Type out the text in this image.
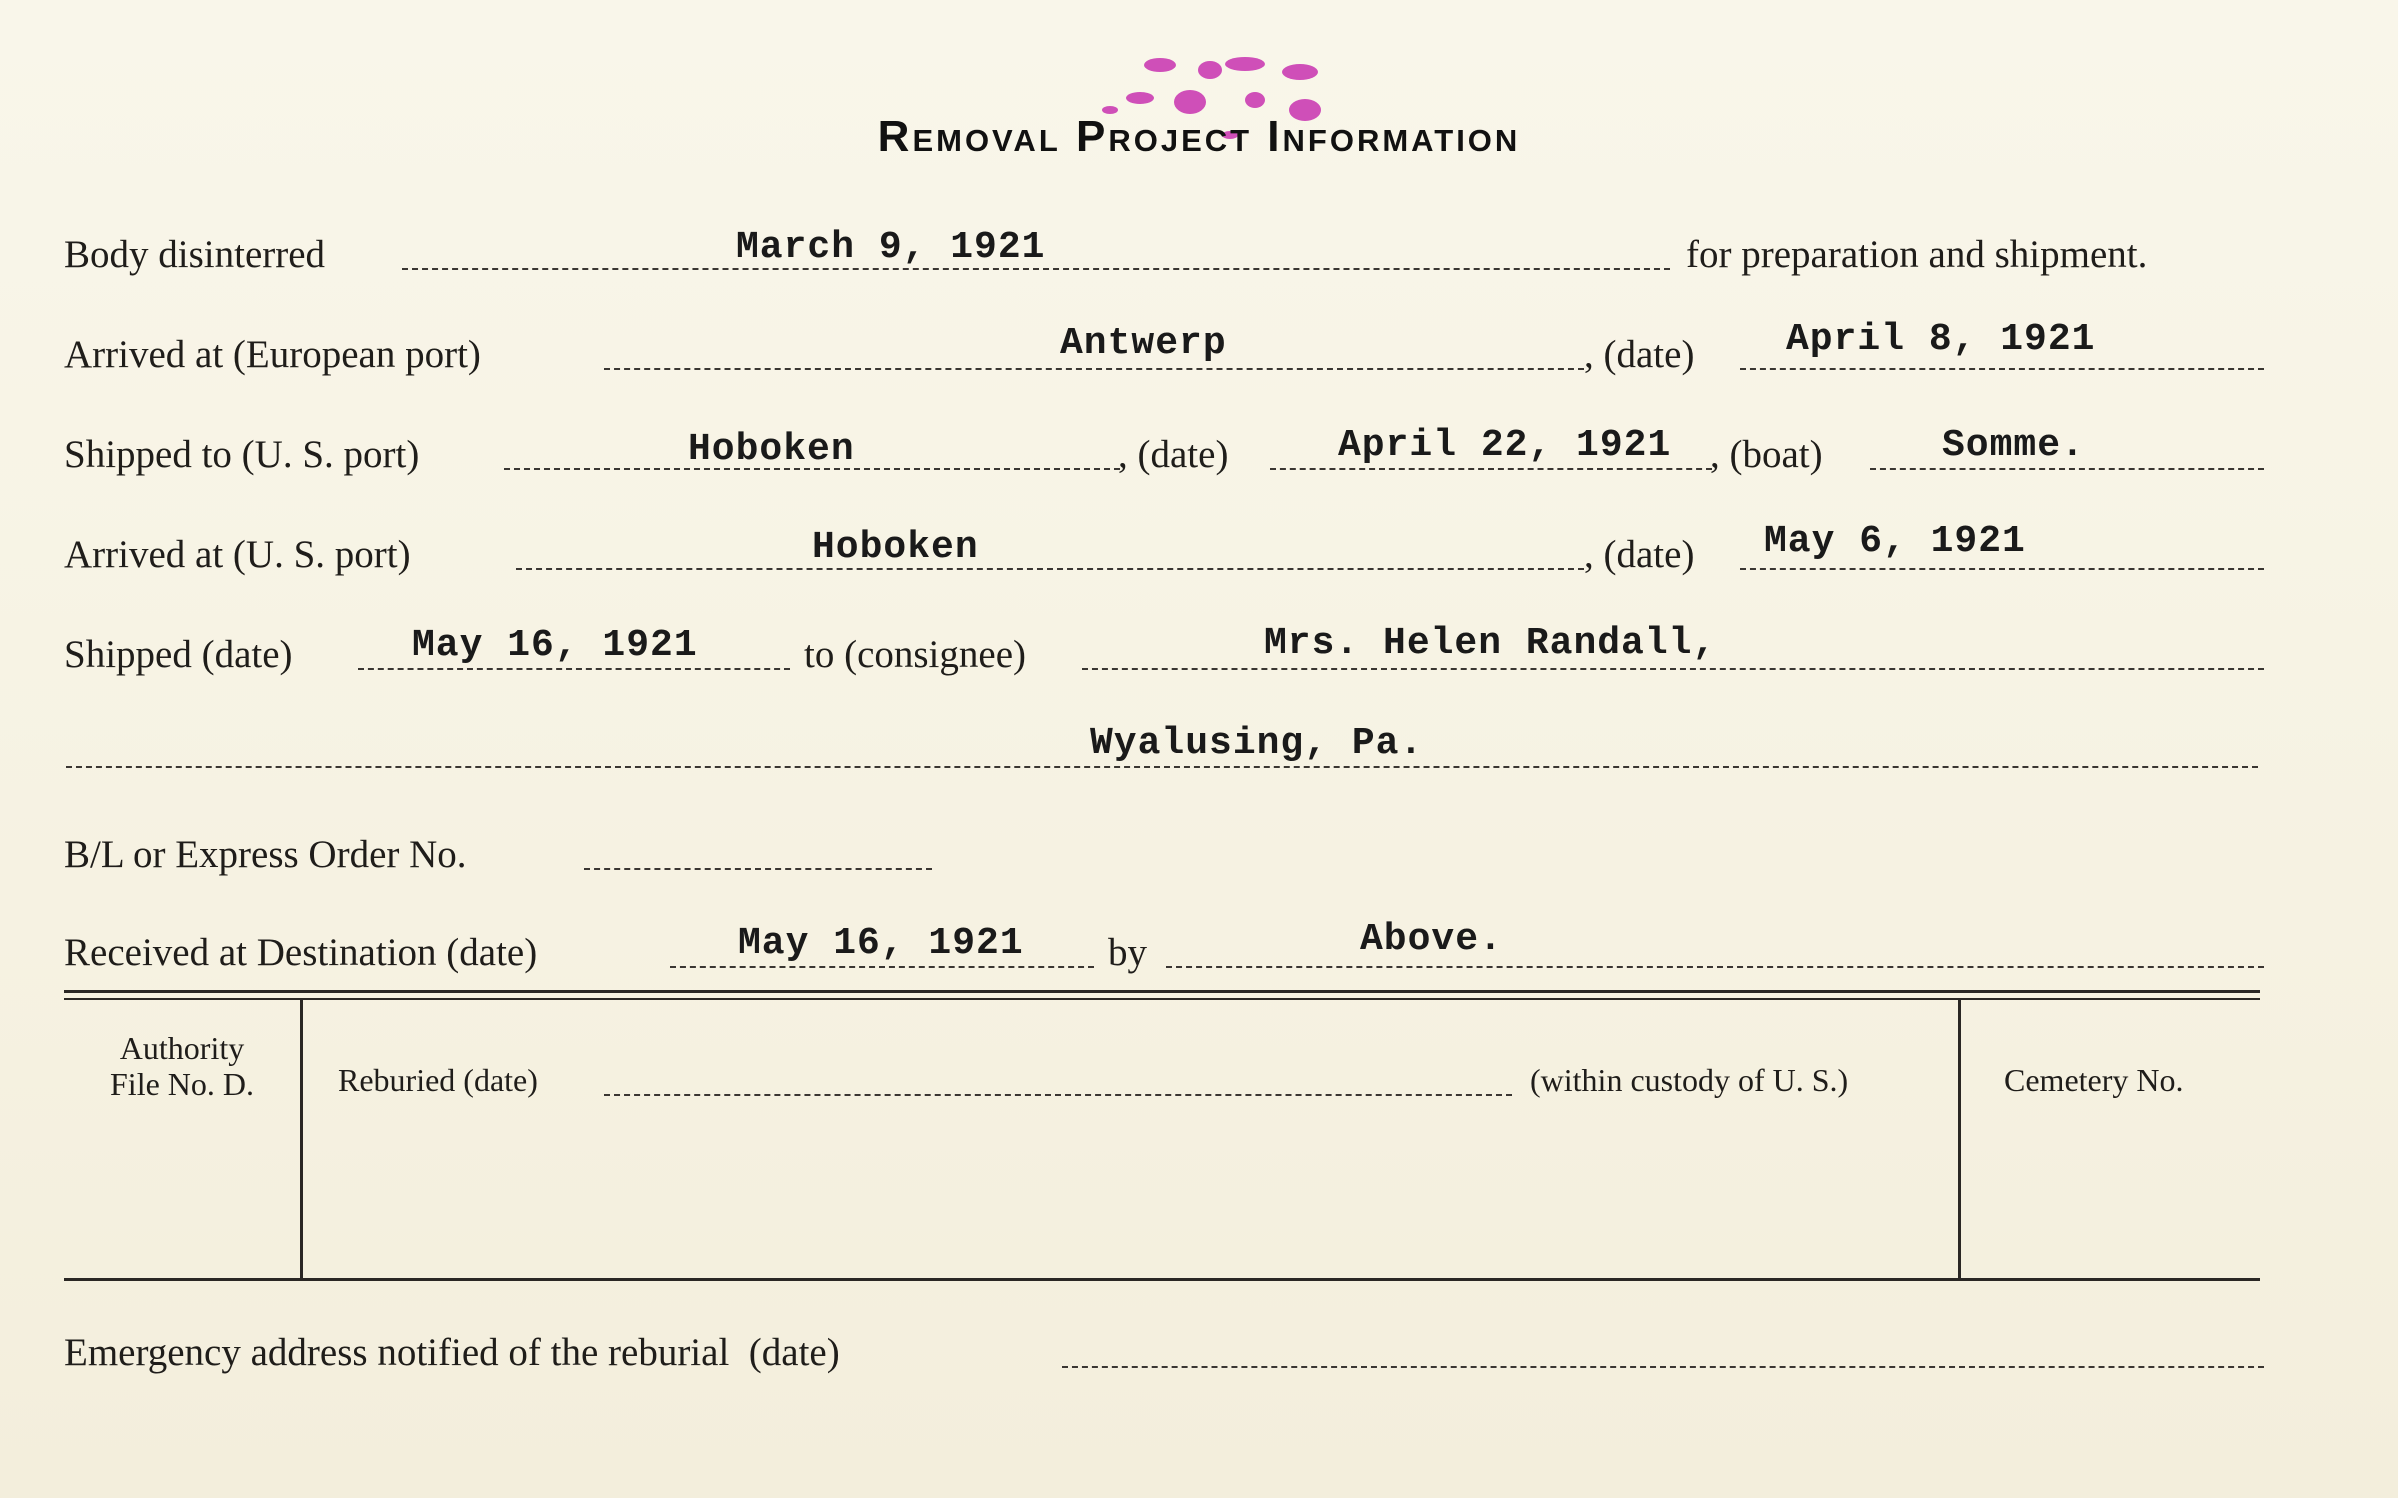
Removal Project Information
Body disinterred	March 9, 1921	for preparation and shipment.
Arrived at (European port)	Antwerp	, (date) April 8, 1921
Shipped to (U. S. port)	Hoboken	, (date)	April 22, 1921 , (boat)	Somme.
Arrived at (U. S. port)	Hoboken	, (date) May 6, 1921
Shipped (date)	May 16, 1921	to (consignee)	Mrs. Helen Randall,
Wyalusing, Pa.
B/L or Express Order No.
Received at Destination (date)	May 16, 1921 by	Above.
Authority
File No. D.	Reburied (date)	(within custody of U. S.)	Cemetery No.
Emergency address notified of the reburial  (date)
